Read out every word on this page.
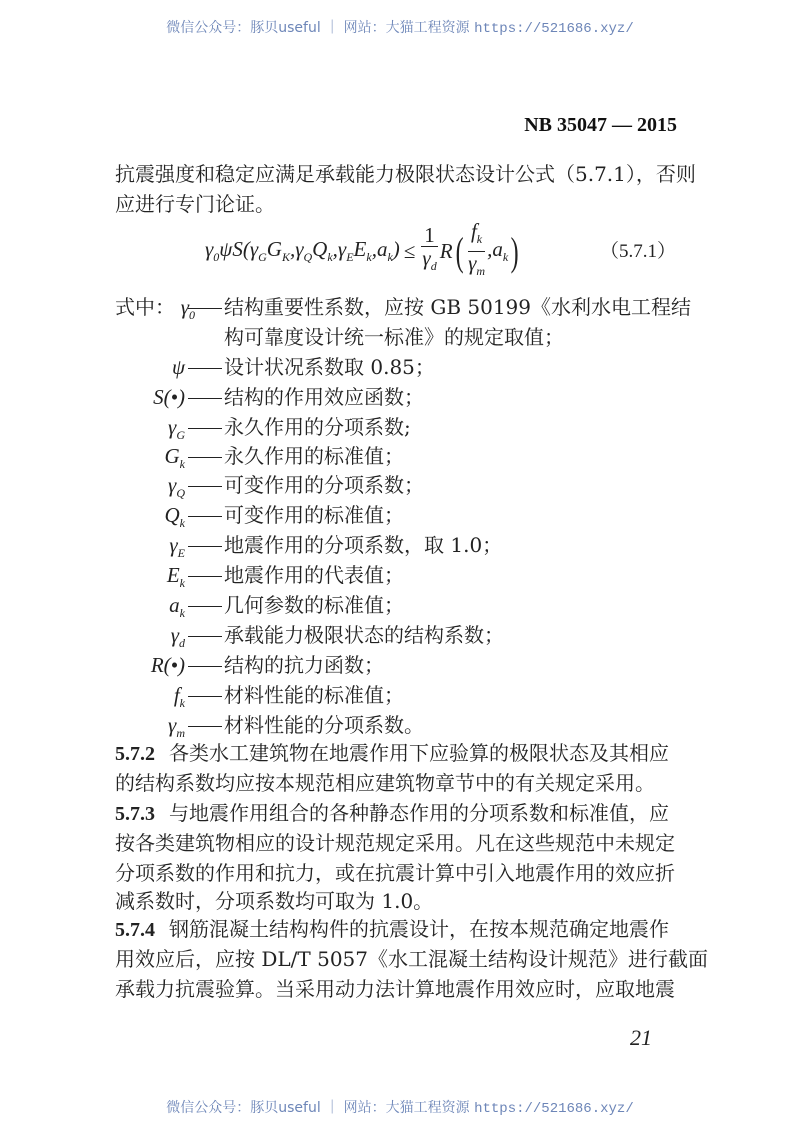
微信公众号：豚贝useful ｜ 网站：大猫工程资源 https://521686.xyz/
NB 35047 — 2015
抗震强度和稳定应满足承载能力极限状态设计公式（5.7.1），否则
应进行专门论证。
$\gamma_0\psi S(\gamma_GG_K,\gamma_QQ_k,\gamma_EE_k,a_k) \le \frac{1}{\gamma_d}$ R ( $\frac{f_k}{\gamma_m} ,a_k$ )	（5.7.1）
式中： $\gamma_0$	结构重要性系数，应按 GB 50199《水利水电工程结
构可靠度设计统一标准》的规定取值；
ψ	设计状况系数取 0.85；
S(•)	结构的作用效应函数；
$\gamma_G$	永久作用的分项系数;
$G_k$	永久作用的标准值；
$\gamma_Q$	可变作用的分项系数；
$Q_k$	可变作用的标准值；
$\gamma_E$	地震作用的分项系数，取 1.0；
$E_k$	地震作用的代表值；
$a_k$	几何参数的标准值；
$\gamma_d$	承载能力极限状态的结构系数；
R(•)	结构的抗力函数；
$f_k$	材料性能的标准值；
$\gamma_m$	材料性能的分项系数。
5.7.2 各类水工建筑物在地震作用下应验算的极限状态及其相应
的结构系数均应按本规范相应建筑物章节中的有关规定采用。
5.7.3 与地震作用组合的各种静态作用的分项系数和标准值，应
按各类建筑物相应的设计规范规定采用。凡在这些规范中未规定
分项系数的作用和抗力，或在抗震计算中引入地震作用的效应折
减系数时，分项系数均可取为 1.0。
5.7.4 钢筋混凝土结构构件的抗震设计，在按本规范确定地震作
用效应后，应按 DL/T 5057《水工混凝土结构设计规范》进行截面
承载力抗震验算。当采用动力法计算地震作用效应时，应取地震
21
微信公众号：豚贝useful ｜ 网站：大猫工程资源 https://521686.xyz/
